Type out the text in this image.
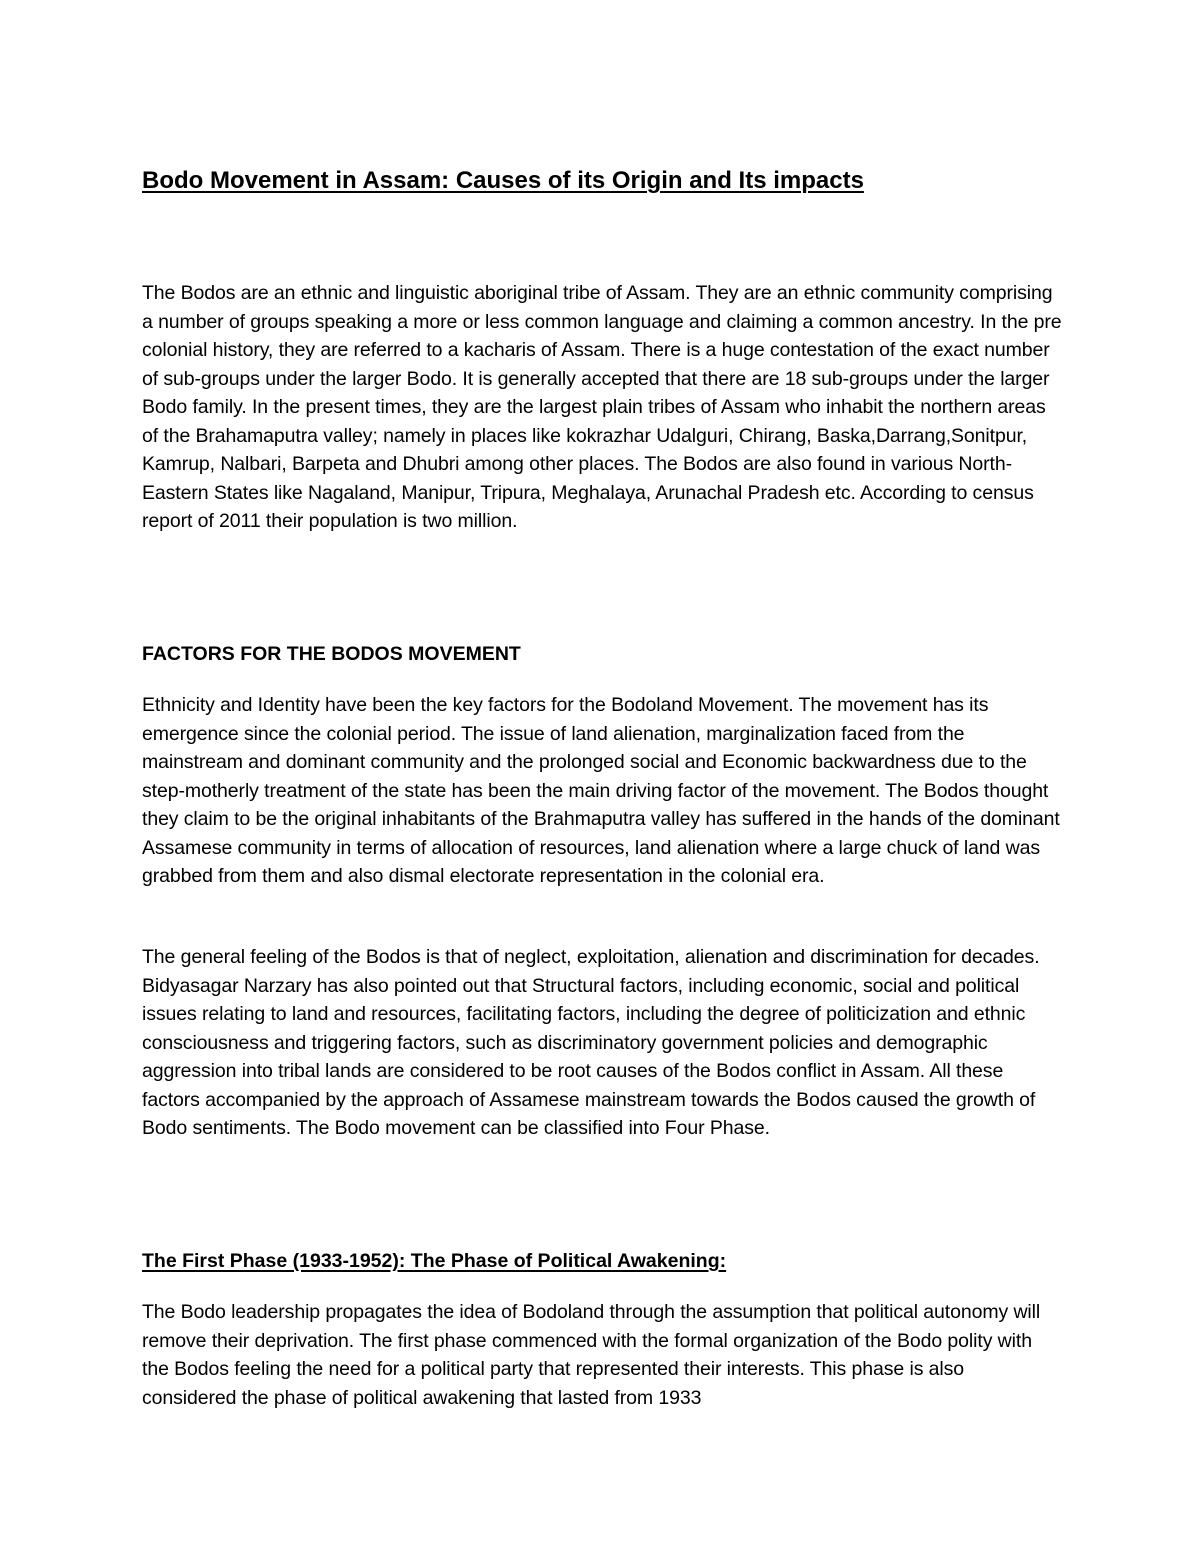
Bodo Movement in Assam: Causes of its Origin and Its impacts

The Bodos are an ethnic and linguistic aboriginal tribe of Assam. They are an ethnic community comprising a number of groups speaking a more or less common language and claiming a common ancestry. In the pre colonial history, they are referred to a kacharis of Assam. There is a huge contestation of the exact number of sub-groups under the larger Bodo. It is generally accepted that there are 18 sub-groups under the larger Bodo family. In the present times, they are the largest plain tribes of Assam who inhabit the northern areas of the Brahamaputra valley; namely in places like kokrazhar Udalguri, Chirang, Baska,Darrang,Sonitpur, Kamrup, Nalbari, Barpeta and Dhubri among other places. The Bodos are also found in various North-Eastern States like Nagaland, Manipur, Tripura, Meghalaya, Arunachal Pradesh etc. According to census report of 2011 their population is two million.

FACTORS FOR THE BODOS MOVEMENT

Ethnicity and Identity have been the key factors for the Bodoland Movement. The movement has its emergence since the colonial period. The issue of land alienation, marginalization faced from the mainstream and dominant community and the prolonged social and Economic backwardness due to the step-motherly treatment of the state has been the main driving factor of the movement. The Bodos thought they claim to be the original inhabitants of the Brahmaputra valley has suffered in the hands of the dominant Assamese community in terms of allocation of resources, land alienation where a large chuck of land was grabbed from them and also dismal electorate representation in the colonial era.

The general feeling of the Bodos is that of neglect, exploitation, alienation and discrimination for decades. Bidyasagar Narzary has also pointed out that Structural factors, including economic, social and political issues relating to land and resources, facilitating factors, including the degree of politicization and ethnic consciousness and triggering factors, such as discriminatory government policies and demographic aggression into tribal lands are considered to be root causes of the Bodos conflict in Assam. All these factors accompanied by the approach of Assamese mainstream towards the Bodos caused the growth of Bodo sentiments. The Bodo movement can be classified into Four Phase.

The First Phase (1933-1952): The Phase of Political Awakening:

The Bodo leadership propagates the idea of Bodoland through the assumption that political autonomy will remove their deprivation. The first phase commenced with the formal organization of the Bodo polity with the Bodos feeling the need for a political party that represented their interests. This phase is also considered the phase of political awakening that lasted from 1933
